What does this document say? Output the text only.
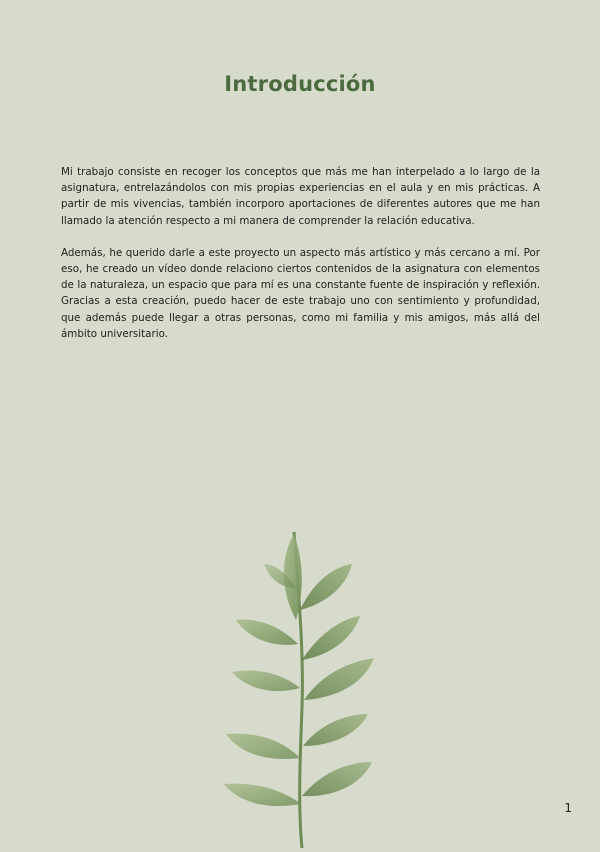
Introducción

Mi trabajo consiste en recoger los conceptos que más me han interpelado a lo largo de la asignatura, entrelazándolos con mis propias experiencias en el aula y en mis prácticas. A partir de mis vivencias, también incorporo aportaciones de diferentes autores que me han llamado la atención respecto a mi manera de comprender la relación educativa.

Además, he querido darle a este proyecto un aspecto más artístico y más cercano a mí. Por eso, he creado un vídeo donde relaciono ciertos contenidos de la asignatura con elementos de la naturaleza, un espacio que para mí es una constante fuente de inspiración y reflexión. Gracias a esta creación, puedo hacer de este trabajo uno con sentimiento y profundidad, que además puede llegar a otras personas, como mi familia y mis amigos, más allá del ámbito universitario.

1
